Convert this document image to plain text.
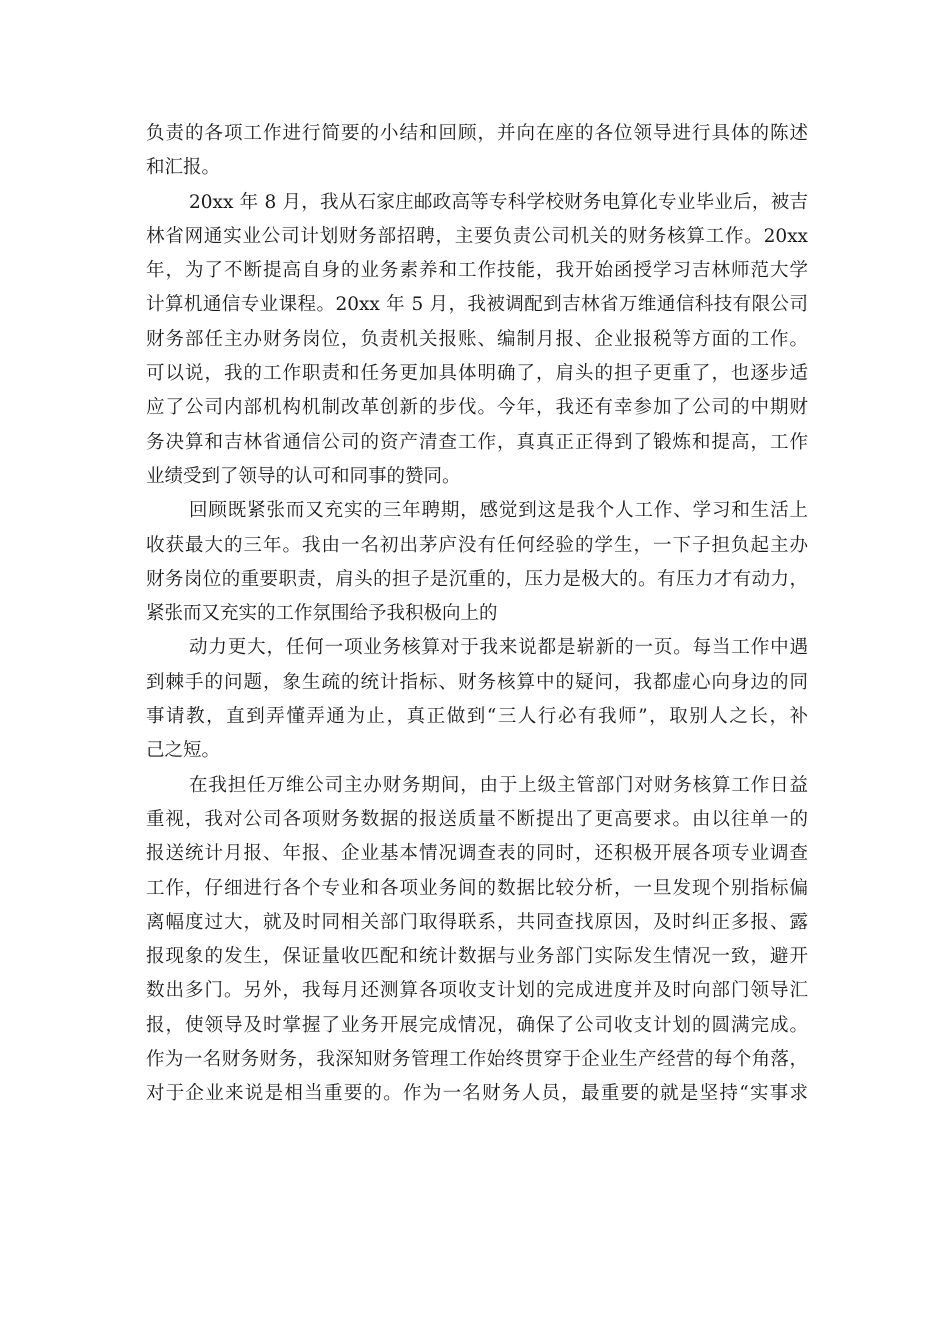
负责的各项工作进行简要的小结和回顾，并向在座的各位领导进行具体的陈述
和汇报。
20xx 年 8 月，我从石家庄邮政高等专科学校财务电算化专业毕业后，被吉
林省网通实业公司计划财务部招聘，主要负责公司机关的财务核算工作。20xx
年，为了不断提高自身的业务素养和工作技能，我开始函授学习吉林师范大学
计算机通信专业课程。20xx 年 5 月，我被调配到吉林省万维通信科技有限公司
财务部任主办财务岗位，负责机关报账、编制月报、企业报税等方面的工作。
可以说，我的工作职责和任务更加具体明确了，肩头的担子更重了，也逐步适
应了公司内部机构机制改革创新的步伐。今年，我还有幸参加了公司的中期财
务决算和吉林省通信公司的资产清查工作，真真正正得到了锻炼和提高，工作
业绩受到了领导的认可和同事的赞同。
回顾既紧张而又充实的三年聘期，感觉到这是我个人工作、学习和生活上
收获最大的三年。我由一名初出茅庐没有任何经验的学生，一下子担负起主办
财务岗位的重要职责，肩头的担子是沉重的，压力是极大的。有压力才有动力，
紧张而又充实的工作氛围给予我积极向上的
动力更大，任何一项业务核算对于我来说都是崭新的一页。每当工作中遇
到棘手的问题，象生疏的统计指标、财务核算中的疑问，我都虚心向身边的同
事请教，直到弄懂弄通为止，真正做到“三人行必有我师”，取别人之长，补
己之短。
在我担任万维公司主办财务期间，由于上级主管部门对财务核算工作日益
重视，我对公司各项财务数据的报送质量不断提出了更高要求。由以往单一的
报送统计月报、年报、企业基本情况调查表的同时，还积极开展各项专业调查
工作，仔细进行各个专业和各项业务间的数据比较分析，一旦发现个别指标偏
离幅度过大，就及时同相关部门取得联系，共同查找原因，及时纠正多报、露
报现象的发生，保证量收匹配和统计数据与业务部门实际发生情况一致，避开
数出多门。另外，我每月还测算各项收支计划的完成进度并及时向部门领导汇
报，使领导及时掌握了业务开展完成情况，确保了公司收支计划的圆满完成。
作为一名财务财务，我深知财务管理工作始终贯穿于企业生产经营的每个角落，
对于企业来说是相当重要的。作为一名财务人员，最重要的就是坚持“实事求
